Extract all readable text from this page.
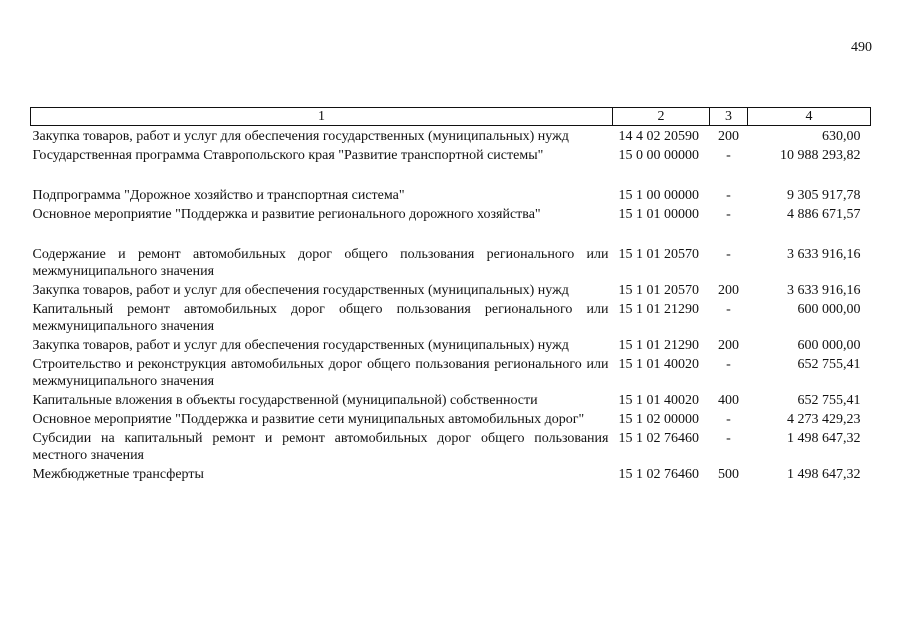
490
1	2	3	4
Закупка товаров, работ и услуг для обеспечения государственных (муниципальных) нужд	14 4 02 20590	200	630,00
Государственная программа Ставропольского края "Развитие транспортной системы"	15 0 00 00000	-	10 988 293,82
Подпрограмма "Дорожное хозяйство и транспортная система"	15 1 00 00000	-	9 305 917,78
Основное мероприятие "Поддержка и развитие регионального дорожного хозяйства"	15 1 01 00000	-	4 886 671,57
Содержание и ремонт автомобильных дорог общего пользования регионального или межмуниципального значения	15 1 01 20570	-	3 633 916,16
Закупка товаров, работ и услуг для обеспечения государственных (муниципальных) нужд	15 1 01 20570	200	3 633 916,16
Капитальный ремонт автомобильных дорог общего пользования регионального или межмуниципального значения	15 1 01 21290	-	600 000,00
Закупка товаров, работ и услуг для обеспечения государственных (муниципальных) нужд	15 1 01 21290	200	600 000,00
Строительство и реконструкция автомобильных дорог общего пользования регионального или межмуниципального значения	15 1 01 40020	-	652 755,41
Капитальные вложения в объекты государственной (муниципальной) собственности	15 1 01 40020	400	652 755,41
Основное мероприятие "Поддержка и развитие сети муниципальных автомобильных дорог"	15 1 02 00000	-	4 273 429,23
Субсидии на капитальный ремонт и ремонт автомобильных дорог общего пользования местного значения	15 1 02 76460	-	1 498 647,32
Межбюджетные трансферты	15 1 02 76460	500	1 498 647,32
